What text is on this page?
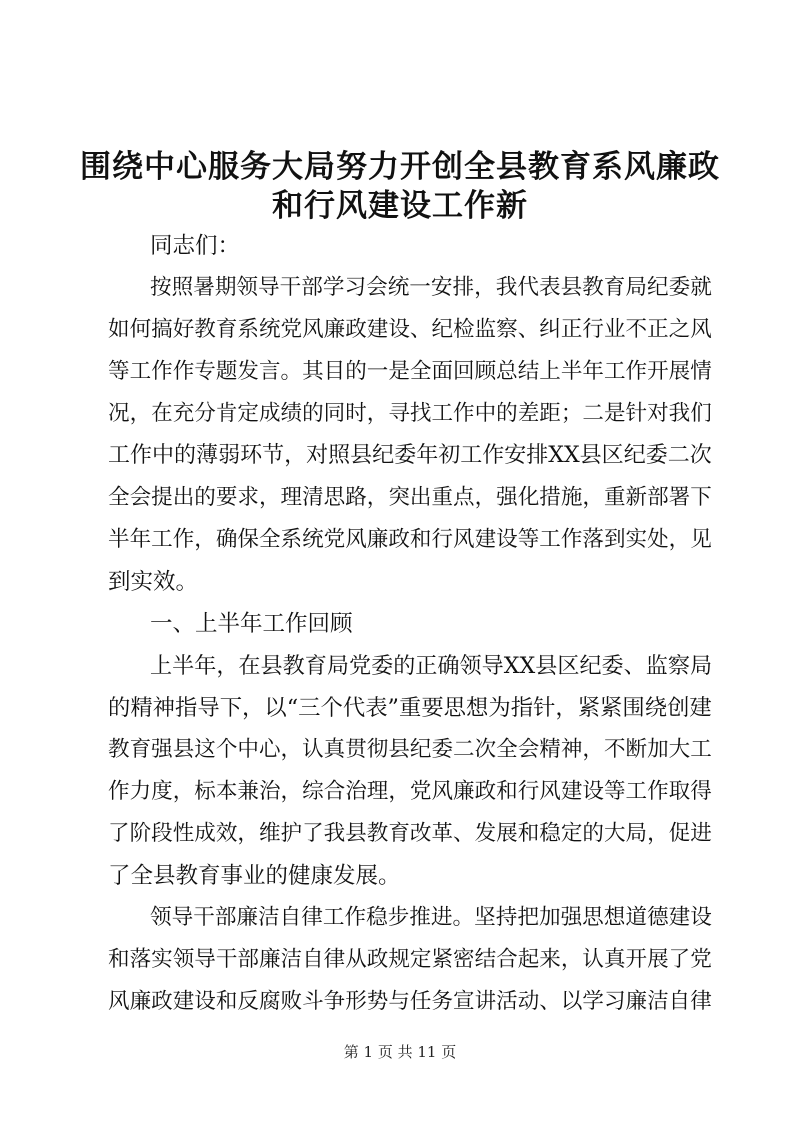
围绕中心服务大局努力开创全县教育系风廉政
和行风建设工作新
同志们：
按照暑期领导干部学习会统一安排，我代表县教育局纪委就
如何搞好教育系统党风廉政建设、纪检监察、纠正行业不正之风
等工作作专题发言。其目的一是全面回顾总结上半年工作开展情
况，在充分肯定成绩的同时，寻找工作中的差距；二是针对我们
工作中的薄弱环节，对照县纪委年初工作安排XX县区纪委二次
全会提出的要求，理清思路，突出重点，强化措施，重新部署下
半年工作，确保全系统党风廉政和行风建设等工作落到实处，见
到实效。
一、上半年工作回顾
上半年，在县教育局党委的正确领导XX县区纪委、监察局
的精神指导下，以“三个代表”重要思想为指针，紧紧围绕创建
教育强县这个中心，认真贯彻县纪委二次全会精神，不断加大工
作力度，标本兼治，综合治理，党风廉政和行风建设等工作取得
了阶段性成效，维护了我县教育改革、发展和稳定的大局，促进
了全县教育事业的健康发展。
领导干部廉洁自律工作稳步推进。坚持把加强思想道德建设
和落实领导干部廉洁自律从政规定紧密结合起来，认真开展了党
风廉政建设和反腐败斗争形势与任务宣讲活动、以学习廉洁自律
第 1 页 共 11 页
